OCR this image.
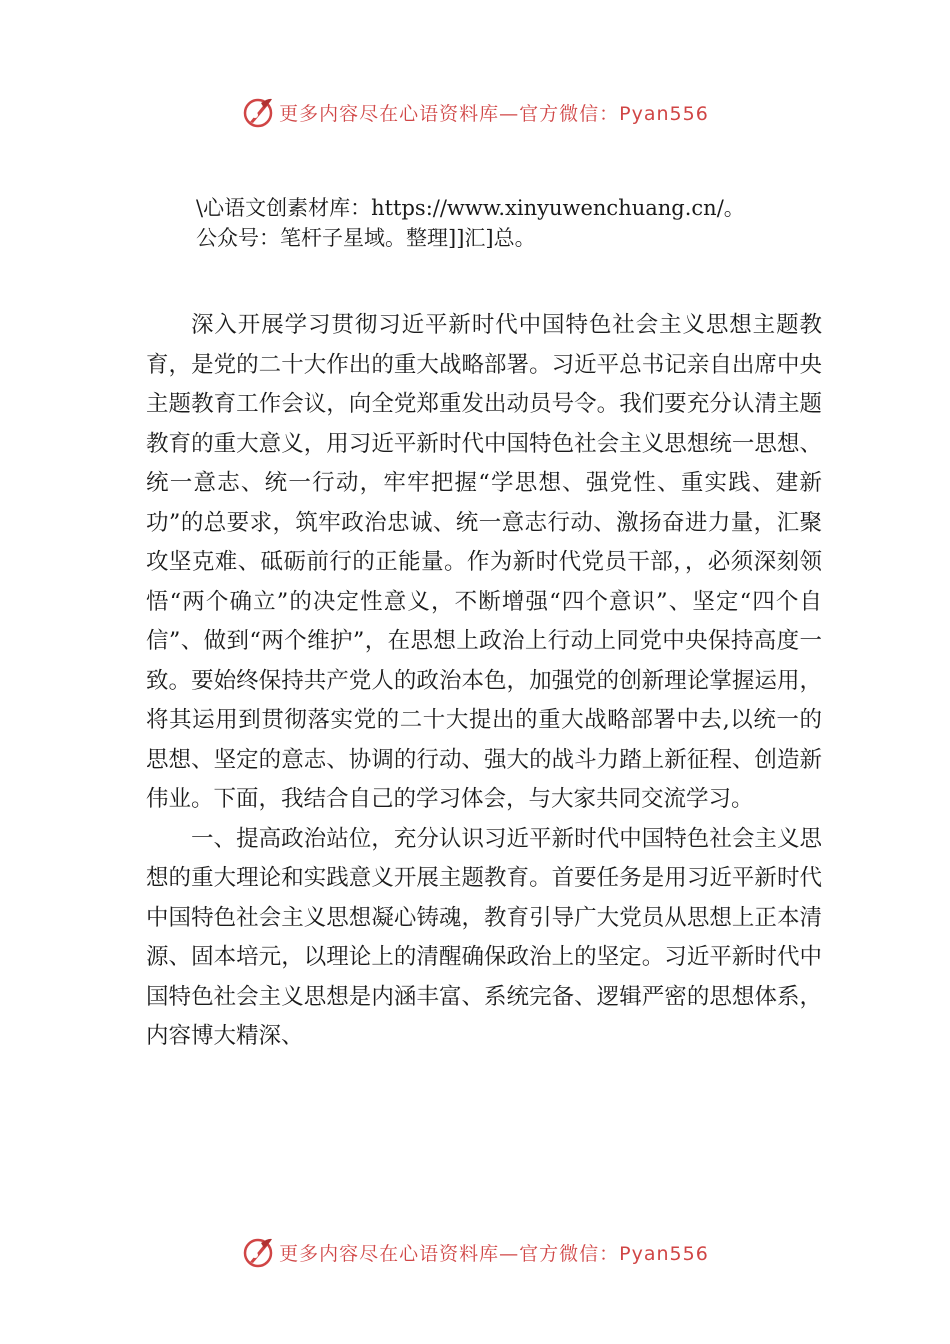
更多内容尽在心语资料库—官方微信：Pyan556
\心语文创素材库：https://www.xinyuwenchuang.cn/。
公众号：笔杆子星域。整理]]汇]总。

深入开展学习贯彻习近平新时代中国特色社会主义思想主题教育，是党的二十大作出的重大战略部署。习近平总书记亲自出席中央主题教育工作会议，向全党郑重发出动员号令。我们要充分认清主题教育的重大意义，用习近平新时代中国特色社会主义思想统一思想、统一意志、统一行动，牢牢把握“学思想、强党性、重实践、建新功”的总要求，筑牢政治忠诚、统一意志行动、激扬奋进力量，汇聚攻坚克难、砥砺前行的正能量。作为新时代党员干部，，必须深刻领悟“两个确立”的决定性意义，不断增强“四个意识”、坚定“四个自信”、做到“两个维护”，在思想上政治上行动上同党中央保持高度一致。要始终保持共产党人的政治本色，加强党的创新理论掌握运用，将其运用到贯彻落实党的二十大提出的重大战略部署中去,以统一的思想、坚定的意志、协调的行动、强大的战斗力踏上新征程、创造新伟业。下面，我结合自己的学习体会，与大家共同交流学习。

一、提高政治站位，充分认识习近平新时代中国特色社会主义思想的重大理论和实践意义开展主题教育。首要任务是用习近平新时代中国特色社会主义思想凝心铸魂，教育引导广大党员从思想上正本清源、固本培元，以理论上的清醒确保政治上的坚定。习近平新时代中国特色社会主义思想是内涵丰富、系统完备、逻辑严密的思想体系，内容博大精深、

更多内容尽在心语资料库—官方微信：Pyan556
